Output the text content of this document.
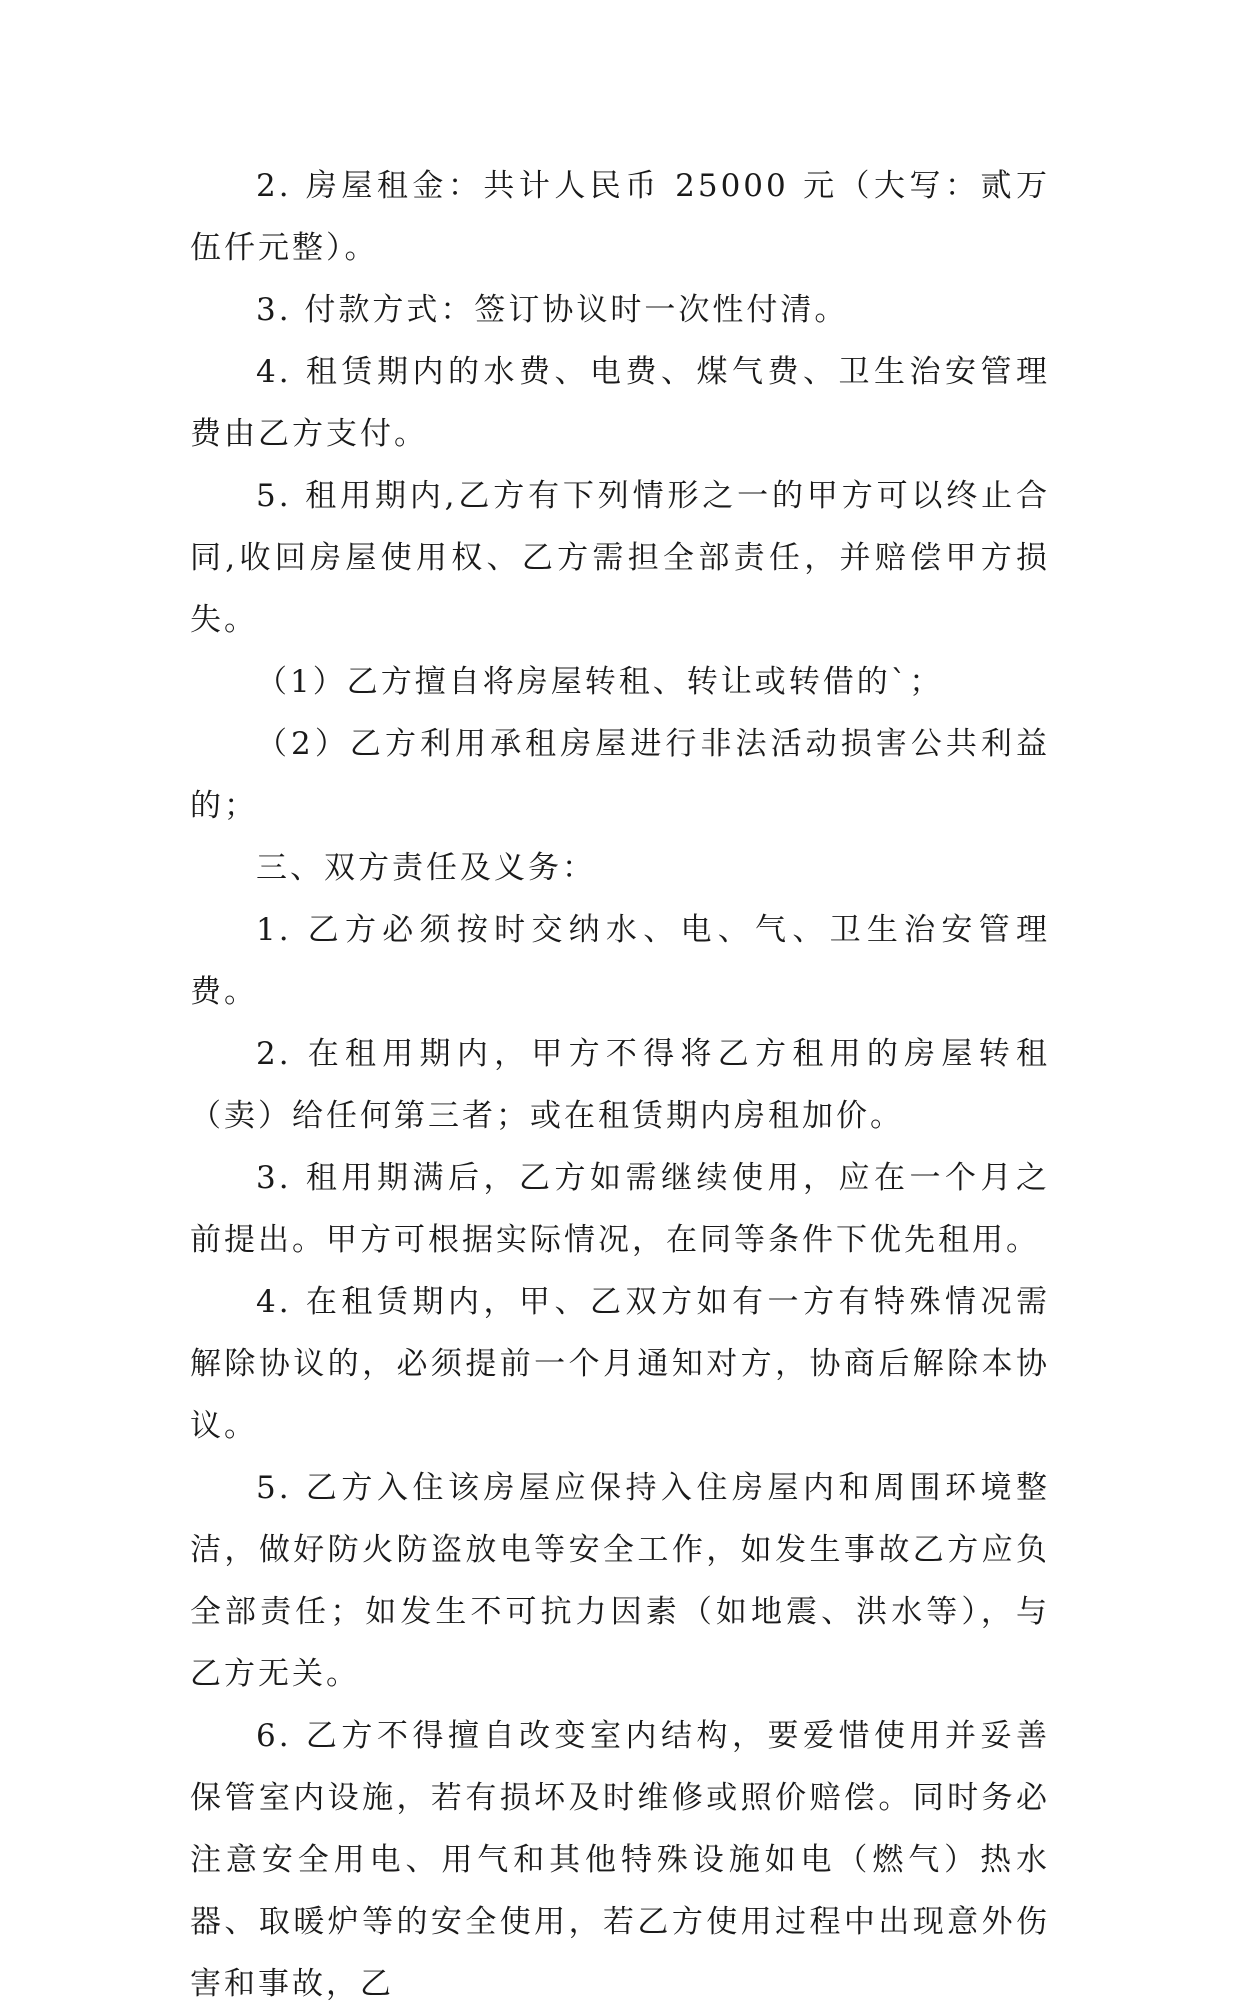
2. 房屋租金：共计人民币 25000 元（大写：贰万伍仟元整）。

3. 付款方式：签订协议时一次性付清。

4. 租赁期内的水费、电费、煤气费、卫生治安管理费由乙方支付。

5. 租用期内,乙方有下列情形之一的甲方可以终止合同,收回房屋使用权、乙方需担全部责任，并赔偿甲方损失。

（1）乙方擅自将房屋转租、转让或转借的`；

（2）乙方利用承租房屋进行非法活动损害公共利益的；

三、双方责任及义务：

1. 乙方必须按时交纳水、电、气、卫生治安管理费。

2. 在租用期内，甲方不得将乙方租用的房屋转租（卖）给任何第三者；或在租赁期内房租加价。

3. 租用期满后，乙方如需继续使用，应在一个月之前提出。甲方可根据实际情况，在同等条件下优先租用。

4. 在租赁期内，甲、乙双方如有一方有特殊情况需解除协议的，必须提前一个月通知对方，协商后解除本协议。

5. 乙方入住该房屋应保持入住房屋内和周围环境整洁，做好防火防盗放电等安全工作，如发生事故乙方应负全部责任；如发生不可抗力因素（如地震、洪水等），与乙方无关。

6. 乙方不得擅自改变室内结构，要爱惜使用并妥善保管室内设施，若有损坏及时维修或照价赔偿。同时务必注意安全用电、用气和其他特殊设施如电（燃气）热水器、取暖炉等的安全使用，若乙方使用过程中出现意外伤害和事故，乙
